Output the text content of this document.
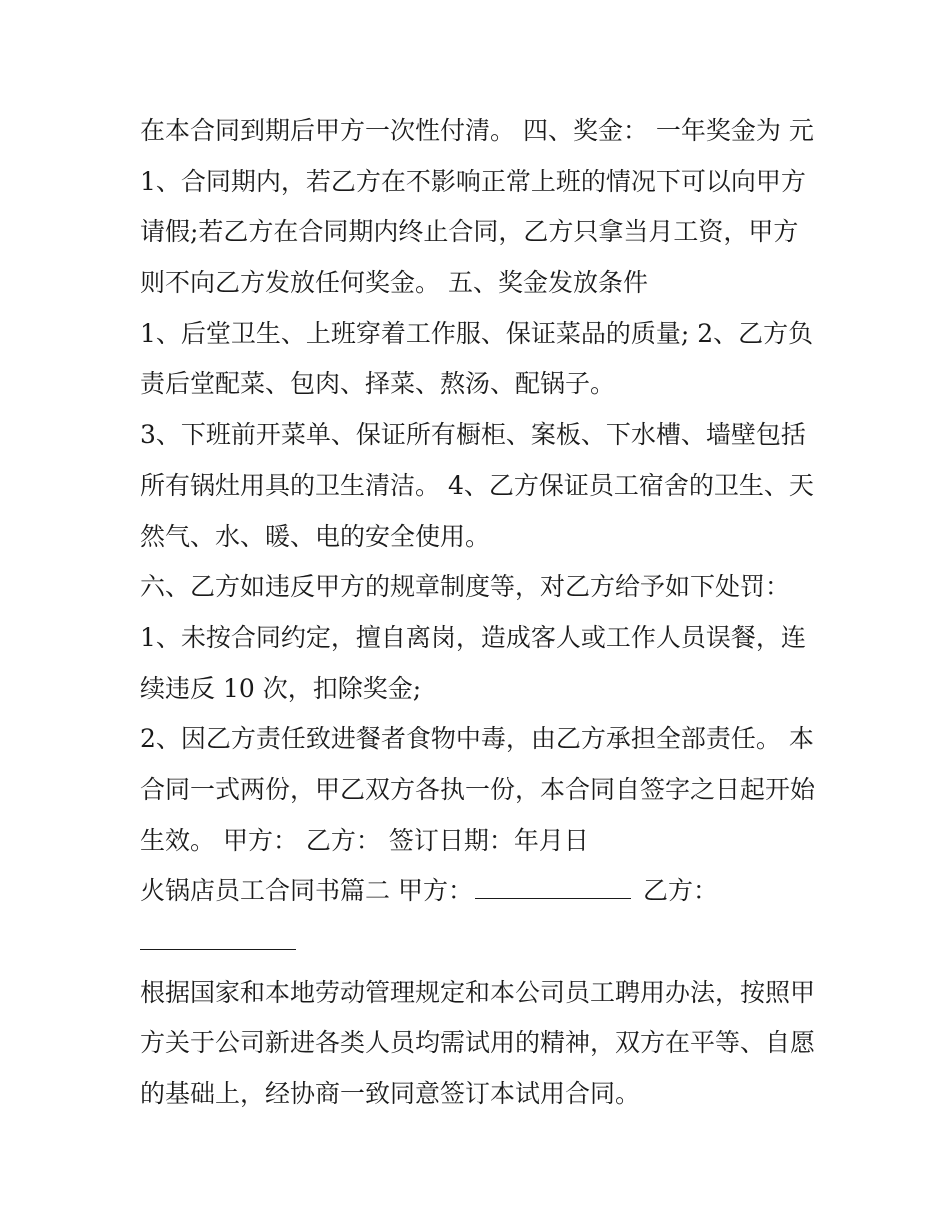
在本合同到期后甲方一次性付清。 四、奖金： 一年奖金为 元
1、合同期内，若乙方在不影响正常上班的情况下可以向甲方
请假;若乙方在合同期内终止合同，乙方只拿当月工资，甲方
则不向乙方发放任何奖金。 五、奖金发放条件
1、后堂卫生、上班穿着工作服、保证菜品的质量; 2、乙方负
责后堂配菜、包肉、择菜、熬汤、配锅子。
3、下班前开菜单、保证所有橱柜、案板、下水槽、墙壁包括
所有锅灶用具的卫生清洁。 4、乙方保证员工宿舍的卫生、天
然气、水、暖、电的安全使用。
六、乙方如违反甲方的规章制度等，对乙方给予如下处罚：
1、未按合同约定，擅自离岗，造成客人或工作人员误餐，连
续违反 10 次，扣除奖金;
2、因乙方责任致进餐者食物中毒，由乙方承担全部责任。 本
合同一式两份，甲乙双方各执一份，本合同自签字之日起开始
生效。 甲方： 乙方： 签订日期：年月日
火锅店员工合同书篇二 甲方：	乙方：
根据国家和本地劳动管理规定和本公司员工聘用办法，按照甲
方关于公司新进各类人员均需试用的精神，双方在平等、自愿
的基础上，经协商一致同意签订本试用合同。
